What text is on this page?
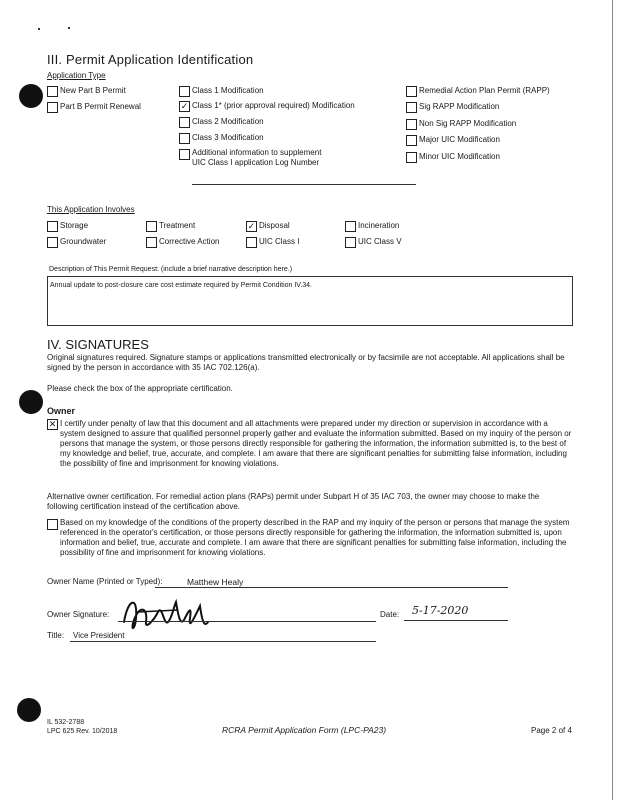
III. Permit Application Identification
Application Type
New Part B Permit
Part B Permit Renewal
Class 1 Modification
✓ Class 1* (prior approval required) Modification
Class 2 Modification
Class 3 Modification
Additional information to supplement
UIC Class I application Log Number
Remedial Action Plan Permit (RAPP)
Sig RAPP Modification
Non Sig RAPP Modification
Major UIC Modification
Minor UIC Modification
This Application Involves
Storage	Treatment	✓ Disposal	Incineration
Groundwater	Corrective Action	UIC Class I	UIC Class V
Description of This Permit Request: (include a brief narrative description here.)
Annual update to post-closure care cost estimate required by Permit Condition IV.34.
IV. SIGNATURES
Original signatures required. Signature stamps or applications transmitted electronically or by facsimile are not acceptable. All applications shall be signed by the person in accordance with 35 IAC 702.126(a).
Please check the box of the appropriate certification.
Owner
✕ I certify under penalty of law that this document and all attachments were prepared under my direction or supervision in accordance with a system designed to assure that qualified personnel properly gather and evaluate the information submitted. Based on my inquiry of the person or persons that manage the system, or those persons directly responsible for gathering the information, the information submitted is, to the best of my knowledge and belief, true, accurate, and complete. I am aware that there are significant penalties for submitting false information, including the possibility of fine and imprisonment for knowing violations.
Alternative owner certification. For remedial action plans (RAPs) permit under Subpart H of 35 IAC 703, the owner may choose to make the following certification instead of the certification above.
Based on my knowledge of the conditions of the property described in the RAP and my inquiry of the person or persons that manage the system referenced in the operator's certification, or those persons directly responsible for gathering the information, the information submitted is, upon information and belief, true, accurate and complete. I am aware that there are significant penalties for submitting false information, including the possibility of fine and imprisonment for knowing violations.
Owner Name (Printed or Typed):	Matthew Healy
Owner Signature:	Date: 5-17-2020
Title: Vice President
IL 532-2788
LPC 625 Rev. 10/2018	RCRA Permit Application Form (LPC-PA23)	Page 2 of 4
